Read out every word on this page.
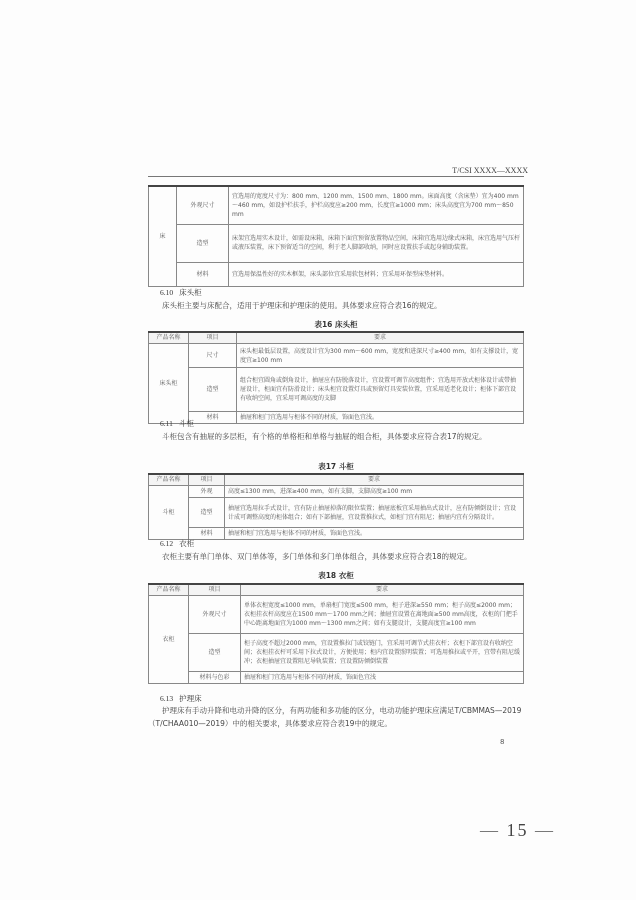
T/CSI XXXX—XXXX
床	外观尺寸	宜选用的宽度尺寸为：800 mm、1200 mm、1500 mm、1800 mm。床面高度（含床垫）宜为400 mm～460 mm，如设护栏扶手，护栏高度应≥200 mm，长度宜≥1000 mm；床头高度宜为700 mm～850 mm
	造型	床架宜选用实木设计，如需设床箱，床箱下面宜预留放置物品空间，床箱宜选用边缘式床箱，床宜选用气压杆或液压装置，床下预留适当的空间，利于老人脚部收纳，同时应设置扶手或起身辅助装置。
	材料	宜选用保温性好的实木框架，床头部位宜采用软包材料；宜采用环保型床垫材料。
6.10 床头柜
床头柜主要与床配合，适用于护理床和护理床的使用。具体要求应符合表16的规定。
表16 床头柜
产品名称	项目	要求
床头柜	尺寸	床头柜最低层设置，高度设计宜为300 mm～600 mm，宽度和进深尺寸≥400 mm，如有支撑设计，宽度宜≥100 mm
	造型	组合柜宜圆角或倒角设计，抽屉应有防脱落设计，宜设置可调节高度组件；宜选用开放式柜体设计或带抽屉设计，柜面宜有防滑设计；床头柜宜设置灯具或预留灯具安装位置，宜采用适老化设计；柜体下部宜设有收纳空间，宜采用可调高度的支脚
	材料	抽屉和柜门宜选用与柜体不同的材质，饰面色宜浅。
6.11 斗柜
斗柜包含有抽屉的多层柜，有个格的单格柜和单格与抽屉的组合柜，具体要求应符合表17的规定。
表17 斗柜
产品名称	项目	要求
斗柜	外观	高度≤1300 mm，进深≥400 mm，如有支脚，支脚高度≥100 mm
	造型	抽屉宜选用拉手式设计，宜有防止抽屉掉落的限位装置；抽屉底板宜采用抽出式设计，应有防倾倒设计；宜设计成可调整高度的柜体组合；如有下部抽屉，宜设置推拉式，如柜门宜有阻尼；抽屉内宜有分隔设计。
	材料	抽屉和柜门宜选用与柜体不同的材质，饰面色宜浅。
6.12 衣柜
衣柜主要有单门单体、双门单体等，多门单体和多门单体组合，具体要求应符合表18的规定。
表18 衣柜
产品名称	项目	要求
衣柜	外观尺寸	单体衣柜宽度≤1000 mm，单扇柜门宽度≤500 mm，柜子进深≥550 mm；柜子高度≤2000 mm；衣柜挂衣杆高度应在1500 mm～1700 mm之间；抽屉宜设置在离地面≥500 mm高度，衣柜的门把手中心距离地面宜为1000 mm～1300 mm之间；如有支腿设计，支腿高度宜≥100 mm
	造型	柜子高度不超过2000 mm，宜设置推拉门或铰链门，宜采用可调节式挂衣杆；衣柜下部宜设有收纳空间；衣柜挂衣杆可采用下拉式设计，方便使用；柜内宜设置照明装置；可选用推拉或平开，宜带有阻尼缓冲；衣柜抽屉宜设置阻尼导轨装置；宜设置防倾倒装置
	材料与色彩	抽屉和柜门宜选用与柜体不同的材质，饰面色宜浅
6.13 护理床
护理床有手动升降和电动升降的区分，有两功能和多功能的区分，电动功能护理床应满足T/CBMMAS—2019（T/CHAA010—2019）中的相关要求，具体要求应符合表19中的规定。
8
— 15 —
